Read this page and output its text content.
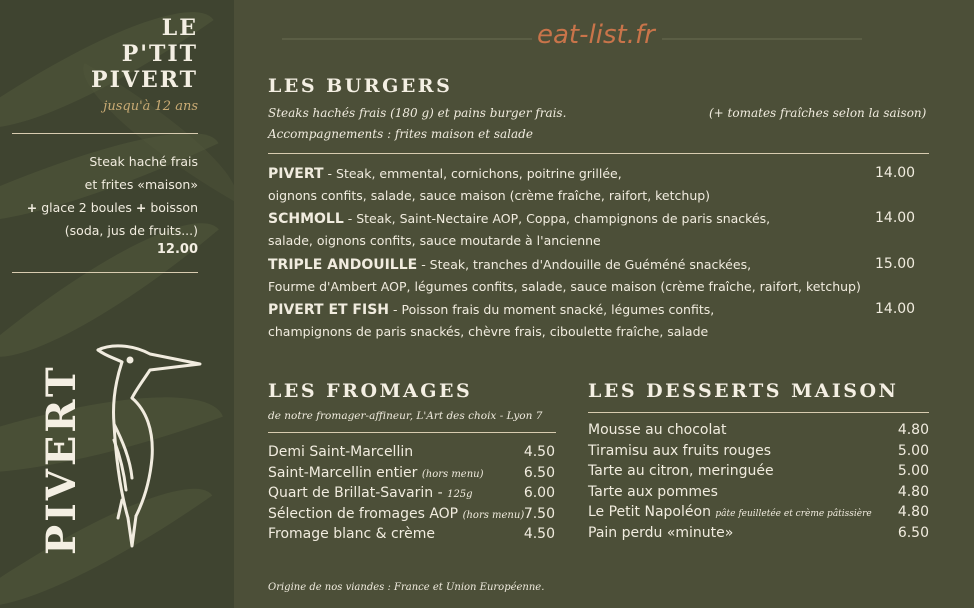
LE
P'TIT
PIVERT
jusqu'à 12 ans
Steak haché frais
et frites «maison»
+ glace 2 boules + boisson
(soda, jus de fruits...)
12.00
PIVERT
eat-list.fr
LES BURGERS
Steaks hachés frais (180 g) et pains burger frais.
Accompagnements : frites maison et salade
(+ tomates fraîches selon la saison)
PIVERT - Steak, emmental, cornichons, poitrine grillée,
oignons confits, salade, sauce maison (crème fraîche, raifort, ketchup)
14.00
SCHMOLL - Steak, Saint-Nectaire AOP, Coppa, champignons de paris snackés,
salade, oignons confits, sauce moutarde à l'ancienne
14.00
TRIPLE ANDOUILLE - Steak, tranches d'Andouille de Guéméné snackées,
Fourme d'Ambert AOP, légumes confits, salade, sauce maison (crème fraîche, raifort, ketchup)
15.00
PIVERT ET FISH - Poisson frais du moment snacké, légumes confits,
champignons de paris snackés, chèvre frais, ciboulette fraîche, salade
14.00
LES FROMAGES
de notre fromager-affineur, L'Art des choix - Lyon 7
Demi Saint-Marcellin	4.50
Saint-Marcellin entier (hors menu)	6.50
Quart de Brillat-Savarin - 125g	6.00
Sélection de fromages AOP (hors menu) 7.50
Fromage blanc & crème	4.50
LES DESSERTS MAISON
Mousse au chocolat	4.80
Tiramisu aux fruits rouges	5.00
Tarte au citron, meringuée	5.00
Tarte aux pommes	4.80
Le Petit Napoléon pâte feuilletée et crème pâtissière 4.80
Pain perdu «minute»	6.50
Origine de nos viandes : France et Union Européenne.
